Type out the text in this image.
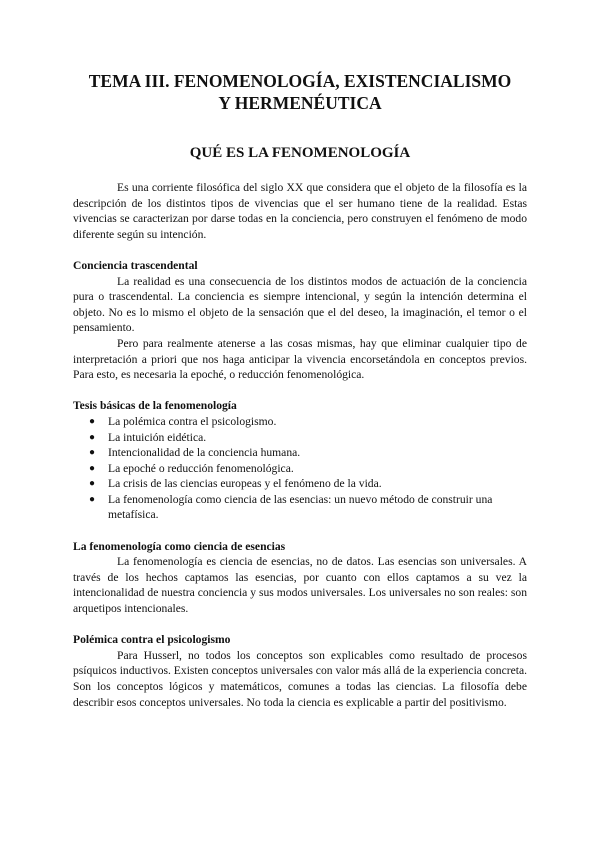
TEMA III. FENOMENOLOGÍA, EXISTENCIALISMO
Y HERMENÉUTICA
QUÉ ES LA FENOMENOLOGÍA

Es una corriente filosófica del siglo XX que considera que el objeto de la filosofía es la descripción de los distintos tipos de vivencias que el ser humano tiene de la realidad. Estas vivencias se caracterizan por darse todas en la conciencia, pero construyen el fenómeno de modo diferente según su intención.

Conciencia trascendental

La realidad es una consecuencia de los distintos modos de actuación de la conciencia pura o trascendental. La conciencia es siempre intencional, y según la intención determina el objeto. No es lo mismo el objeto de la sensación que el del deseo, la imaginación, el temor o el pensamiento.

Pero para realmente atenerse a las cosas mismas, hay que eliminar cualquier tipo de interpretación a priori que nos haga anticipar la vivencia encorsetándola en conceptos previos. Para esto, es necesaria la epoché, o reducción fenomenológica.

Tesis básicas de la fenomenología

● La polémica contra el psicologismo.
● La intuición eidética.
● Intencionalidad de la conciencia humana.
● La epoché o reducción fenomenológica.
● La crisis de las ciencias europeas y el fenómeno de la vida.
● La fenomenología como ciencia de las esencias: un nuevo método de construir una metafísica.

La fenomenología como ciencia de esencias

La fenomenología es ciencia de esencias, no de datos. Las esencias son universales. A través de los hechos captamos las esencias, por cuanto con ellos captamos a su vez la intencionalidad de nuestra conciencia y sus modos universales. Los universales no son reales: son arquetipos intencionales.

Polémica contra el psicologismo

Para Husserl, no todos los conceptos son explicables como resultado de procesos psíquicos inductivos. Existen conceptos universales con valor más allá de la experiencia concreta. Son los conceptos lógicos y matemáticos, comunes a todas las ciencias. La filosofía debe describir esos conceptos universales. No toda la ciencia es explicable a partir del positivismo.
